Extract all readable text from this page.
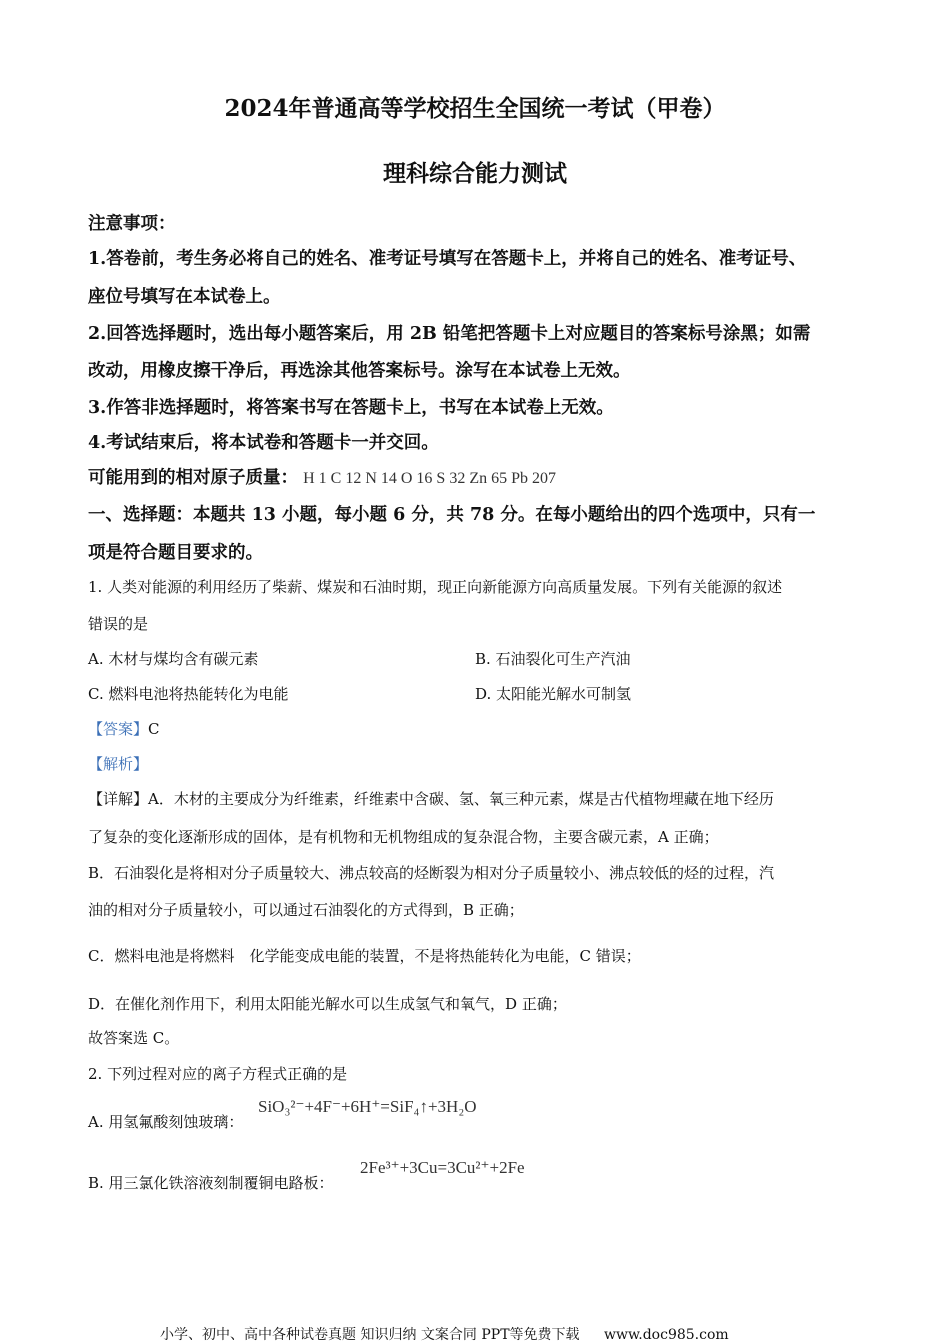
2024年普通高等学校招生全国统一考试（甲卷）
理科综合能力测试
注意事项：
1.答卷前，考生务必将自己的姓名、准考证号填写在答题卡上，并将自己的姓名、准考证号、
座位号填写在本试卷上。
2.回答选择题时，选出每小题答案后，用 2B 铅笔把答题卡上对应题目的答案标号涂黑；如需
改动，用橡皮擦干净后，再选涂其他答案标号。涂写在本试卷上无效。
3.作答非选择题时，将答案书写在答题卡上，书写在本试卷上无效。
4.考试结束后，将本试卷和答题卡一并交回。
可能用到的相对原子质量： H 1 C 12 N 14 O 16 S 32 Zn 65 Pb 207
一、选择题：本题共 13 小题，每小题 6 分，共 78 分。在每小题给出的四个选项中，只有一
项是符合题目要求的。
1. 人类对能源的利用经历了柴薪、煤炭和石油时期，现正向新能源方向高质量发展。下列有关能源的叙述
错误的是
A. 木材与煤均含有碳元素	B. 石油裂化可生产汽油
C. 燃料电池将热能转化为电能	D. 太阳能光解水可制氢
【答案】C
【解析】
【详解】A．木材的主要成分为纤维素，纤维素中含碳、氢、氧三种元素，煤是古代植物埋藏在地下经历
了复杂的变化逐渐形成的固体，是有机物和无机物组成的复杂混合物，主要含碳元素，A 正确；
B．石油裂化是将相对分子质量较大、沸点较高的烃断裂为相对分子质量较小、沸点较低的烃的过程，汽
油的相对分子质量较小，可以通过石油裂化的方式得到，B 正确；
C．燃料电池是将燃料　化学能变成电能的装置，不是将热能转化为电能，C 错误；
D．在催化剂作用下，利用太阳能光解水可以生成氢气和氧气，D 正确；
故答案选 C。
2. 下列过程对应的离子方程式正确的是
A. 用氢氟酸刻蚀玻璃：
SiO₃²⁻+4F⁻+6H⁺=SiF₄↑+3H₂O
B. 用三氯化铁溶液刻制覆铜电路板：
2Fe³⁺+3Cu=3Cu²⁺+2Fe
小学、初中、高中各种试卷真题 知识归纳 文案合同 PPT等免费下载 www.doc985.com
